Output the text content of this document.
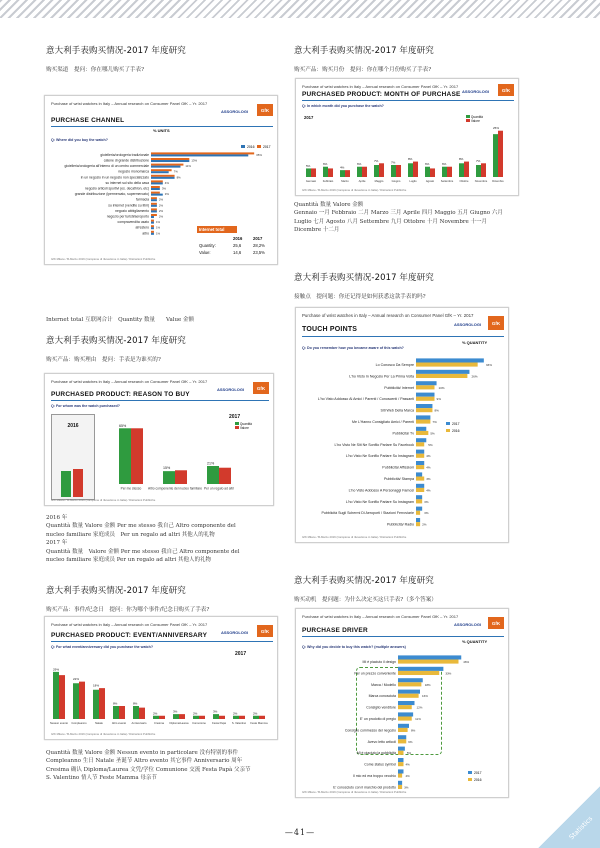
意大利手表购买情况-2017 年度研究
购买渠道　提问：你在哪儿购买了手表?
Purchase of wrist watches in Italy – Annual research on Consumer Panel GfK – Yr. 2017
ASSOROLOGI	GfK
PURCHASE CHANNEL
% UNITS
Q: Where did you buy the watch?
gioielleria/orologeria tradizionale	35%
catene di grande distribuzione	13%
gioielleria/orologeria all'interno di un centro commerciale	11%
negozio monomarca	7%
in un negozio in un negozio non specializzato	8%
su internet sul sito della casa	4%
negozio articoli sportivi (es. decathlon, etc)	3%
grande distribuzione (ipermercato, supermercato)	3%
farmacia	2%
su internet (vendite su libri)	2%
negozio abbigliamento	2%
negozio per turisti/aeroporto	2%
compravendita usato 1%
all'estero 1%
altro 1%
2016 2017
Internet total
2016	2017
Quantity:	25,6	28,2%
Value:	14,6	23,5%
GfK Milano / B-Marzo 2019 (Campione di rilevazione in Italia) / Distrazioni Pubbliche
Internet total 互联网合计　Quantity 数量　　Value 金额
意大利手表购买情况-2017 年度研究
购买产品：购买理由　提问：手表是为谁买的?
Purchase of wrist watches in Italy – Annual research on Consumer Panel GfK – Yr. 2017
ASSOROLOGI	GfK
PURCHASED PRODUCT: REASON TO BUY
Q: For whom was the watch purchased?
2016	65%
Per me stesso
15%
Altro componente del nucleo familiare
21%
Per un regalo ad altri
2017
Quantità
Valore
GfK Milano / B-Marzo 2019 (Campione di rilevazione in Italia) / Distrazioni Pubbliche
2016 年
Quantità 数量 Valore 金额 Per me stesso 我自己 Altro componente del
nucleo familiare 家庭成员　Per un regalo ad altri 其他人的礼物
2017 年
Quantità 数量　Valore 金额 Per me stesso 我自己 Altro componente del
nucleo familiare 家庭成员 Per un regalo ad altri 其他人的礼物
意大利手表购买情况-2017 年度研究
购买产品：事件/纪念日　提问：你为哪个事件/纪念日购买了手表?
Purchase of wrist watches in Italy – Annual research on Consumer Panel GfK – Yr. 2017
ASSOROLOGI	GfK
PURCHASED PRODUCT: EVENT/ANNIVERSARY
Q: For what event/anniversary did you purchase the watch?
2017
29%
Nessun evento
22%
Compleanno
18%
Natale
8%
Altro evento
8%
Anniversario
2%
Cresima
3%
Diploma/Laurea
2%
Comunione
3%
Festa Papà
2%
S. Valentino
2%
Feste Mamma
GfK Milano / B-Marzo 2019 (Campione di rilevazione in Italia) / Distrazioni Pubbliche
Quantità 数量 Valore 金额 Nessun evento in particolare 没有特别的事件
Compleanno 生日 Natale 圣诞节 Altro evento 其它事件 Anniversario 周年
Cresima 确认 Diploma/Laurea 文凭/学位 Comunione 交流 Festa Papà 父亲节
S. Valentino 情人节 Feste Mamma 母亲节
意大利手表购买情况-2017 年度研究
购买产品：购买月份　提问：你在哪个月份购买了手表?
Purchase of wrist watches in Italy – Annual research on Consumer Panel GfK – Yr. 2017
ASSOROLOGI	GfK
PURCHASED PRODUCT: MONTH OF PURCHASE
Q: In which month did you purchase the watch?
2017	Quantità
Valore
5%
Gennaio
6%
Febbraio
4%
Marzo
6%
Aprile
7%
Maggio
7%
Giugno
8%
Luglio
6%
Agosto
6%
Settembre
8%
Ottobre
7%
Novembre
25%
Dicembre
GfK Milano / B-Marzo 2019 (Campione di rilevazione in Italia) / Distrazioni Pubbliche
Quantità 数量 Valore 金额
Gennaio 一月 Febbraio 二月 Marzo 三月 Aprile 四月 Maggio 五月 Giugno 六月
Luglio 七月 Agosto 八月 Settembre 九月 Ottobre 十月 Novembre 十一月
Dicembre 十二月
意大利手表购买情况-2017 年度研究
接触点　提问题：你还记得是如何获悉这款手表的吗?
Purchase of wrist watches in Italy – Annual research on Consumer Panel GfK – Yr. 2017
ASSOROLOGI	GfK
TOUCH POINTS
% QUANTITY
Q: Do you remember how you became aware of this watch?
Lo Conosco Da Sempre	33%
L'ho Visto In Negozio Per La Prima Volta	26%
Pubblicità/ Internet	10%
L'ho Visto Addosso Ai Amici / Parenti / Conoscenti / Passanti	9%
Siti Web Della Marca	8%
Me L'Hanno Consigliato Amici / Parenti	7%
Pubblicità/ Tv	5%
L'ho Visto Ne Siti Ne Sonfilo Parlare Su Facebook	5%
L'ho Visto Ne Sonfilo Parlare Su Instagram	4%
Pubblicità/ Affissioni	4%
Pubblicità/ Stampa	3%
L'ho Visto Addosso A Personaggi Famosi	4%
L'ho Visto Ne Sonfilo Parlare Su Instagram	3%
Pubblicità Sugli Schermi Di Aeroporti / Stazioni Ferroviarie	3%
Pubblicità/ Radio	2%
2017
2016
GfK Milano / B-Marzo 2019 (Campione di rilevazione in Italia) / Distrazioni Pubbliche
意大利手表购买情况-2017 年度研究
购买动机　提问题：为什么决定买这只手表?（多个答案）
Purchase of wrist watches in Italy – Annual research on Consumer Panel GfK – Yr. 2017
ASSOROLOGI	GfK
PURCHASE DRIVER
% QUANTITY
Q: Why did you decide to buy this watch? (multiple answers)
Mi è piaciuto il design	46%
Per un prezzo conveniente	33%
Marca / Modello	18%
Marca conosciuta	16%
Consiglio venditore	12%
E' un prodotto di pregio	11%
Consiglio commesso del negozio	8%
Avevo letto articoli	6%
Mi è piaciuto la pubblicità	5%
Come status symbol	4%
Il mio ed era troppo vecchio	4%
E' conosciuto con il marchio del prodotto	3%
2017
2016
GfK Milano / B-Marzo 2019 (Campione di rilevazione in Italia) / Distrazioni Pubbliche
—41—	Statistics
